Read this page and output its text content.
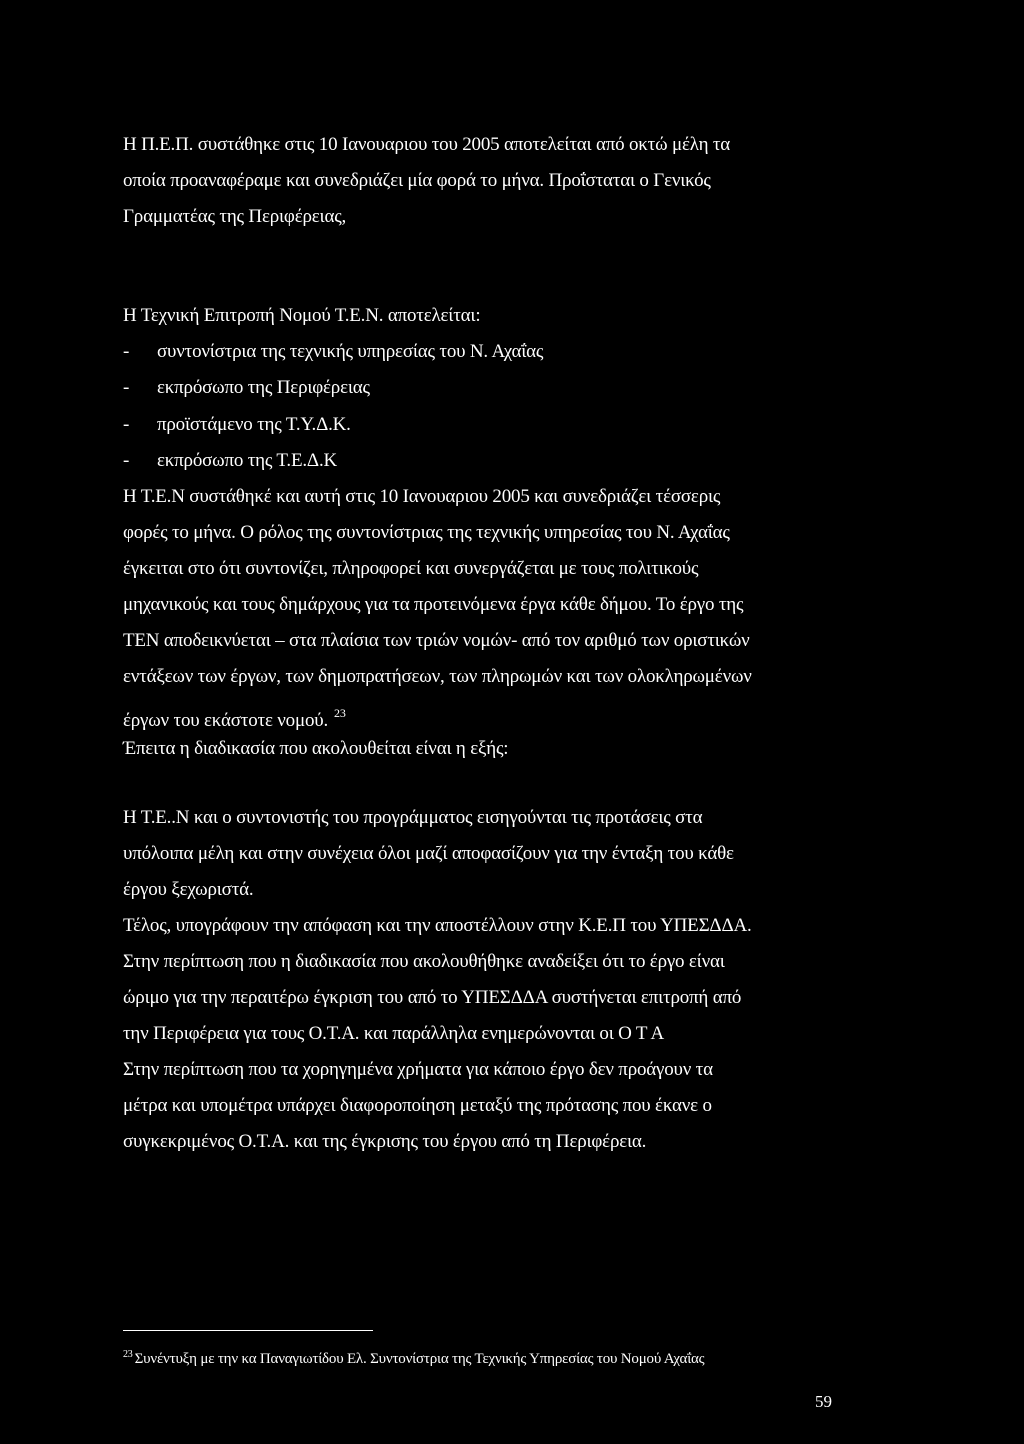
Η Π.Ε.Π. συστάθηκε στις 10 Ιανουαριου του 2005 αποτελείται από οκτώ μέλη τα
οποία προαναφέραμε και συνεδριάζει μία φορά το μήνα. Προΐσταται ο Γενικός
Γραμματέας της Περιφέρειας,
Η Τεχνική Επιτροπή Νομού Τ.Ε.Ν. αποτελείται:
- συντονίστρια της τεχνικής υπηρεσίας του Ν. Αχαΐας
- εκπρόσωπο της Περιφέρειας
- προϊστάμενο της Τ.Υ.Δ.Κ.
- εκπρόσωπο της Τ.Ε.Δ.Κ
Η Τ.Ε.Ν συστάθηκέ και αυτή στις 10 Ιανουαριου 2005 και συνεδριάζει τέσσερις
φορές το μήνα. Ο ρόλος της συντονίστριας της τεχνικής υπηρεσίας του Ν. Αχαΐας
έγκειται στο ότι συντονίζει, πληροφορεί και συνεργάζεται με τους πολιτικούς
μηχανικούς και τους δημάρχους για τα προτεινόμενα έργα κάθε δήμου. Το έργο της
ΤΕΝ αποδεικνύεται – στα πλαίσια των τριών νομών- από τον αριθμό των οριστικών
εντάξεων των έργων, των δημοπρατήσεων, των πληρωμών και των ολοκληρωμένων
έργων του εκάστοτε νομού. $^{23}$
Έπειτα η διαδικασία που ακολουθείται είναι η εξής:
Η Τ.Ε..Ν και ο συντονιστής του προγράμματος εισηγούνται τις προτάσεις στα
υπόλοιπα μέλη και στην συνέχεια όλοι μαζί αποφασίζουν για την ένταξη του κάθε
έργου ξεχωριστά.
Τέλος, υπογράφουν την απόφαση και την αποστέλλουν στην Κ.Ε.Π του ΥΠΕΣΔΔΑ.
Στην περίπτωση που η διαδικασία που ακολουθήθηκε αναδείξει ότι το έργο είναι
ώριμο για την περαιτέρω έγκριση του από το ΥΠΕΣΔΔΑ συστήνεται επιτροπή από
την Περιφέρεια για τους Ο.Τ.Α. και παράλληλα ενημερώνονται οι Ο Τ Α
Στην περίπτωση που τα χορηγημένα χρήματα για κάποιο έργο δεν προάγουν τα
μέτρα και υπομέτρα υπάρχει διαφοροποίηση μεταξύ της πρότασης που έκανε ο
συγκεκριμένος Ο.Τ.Α. και της έγκρισης του έργου από τη Περιφέρεια.
$^{23}$ Συνέντυξη με την κα Παναγιωτίδου Ελ. Συντονίστρια της Τεχνικής Υπηρεσίας του Νομού Αχαΐας
59
